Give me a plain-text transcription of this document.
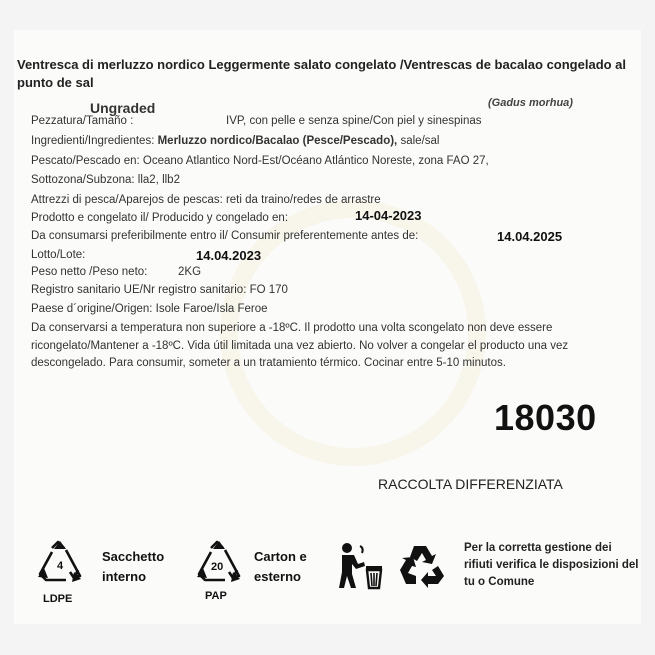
Ventresca di merluzzo nordico Leggermente salato congelato /Ventrescas de bacalao congelado al punto de sal
Ungraded	(Gadus morhua)
Pezzatura/Tamaño :	IVP, con pelle e senza spine/Con piel y sinespinas
Ingredienti/Ingredientes: Merluzzo nordico/Bacalao (Pesce/Pescado), sale/sal
Pescato/Pescado en: Oceano Atlantico Nord-Est/Océano Atlántico Noreste, zona FAO 27,
Sottozona/Subzona: lla2, llb2
Attrezzi di pesca/Aparejos de pescas: reti da traino/redes de arrastre
Prodotto e congelato il/ Producido y congelado en:	14-04-2023
Da consumarsi preferibilmente entro il/ Consumir preferentemente antes de:	14.04.2025
Lotto/Lote:	14.04.2023
Peso netto /Peso neto:	2KG
Registro sanitario UE/Nr registro sanitario: FO 170
Paese d´origine/Origen: Isole Faroe/Isla Feroe
Da conservarsi a temperatura non superiore a -18ºC. Il prodotto una volta scongelato non deve essere ricongelato/Mantener a -18ºC. Vida útil limitada una vez abierto. No volver a congelar el producto una vez descongelado. Para consumir, someter a un tratamiento térmico. Cocinar entre 5-10 minutos.
18030
RACCOLTA DIFFERENZIATA
4
LDPE
Sacchetto
interno
20
PAP
Carton e
esterno
Per la corretta gestione dei rifiuti verifica le disposizioni del tu o Comune
